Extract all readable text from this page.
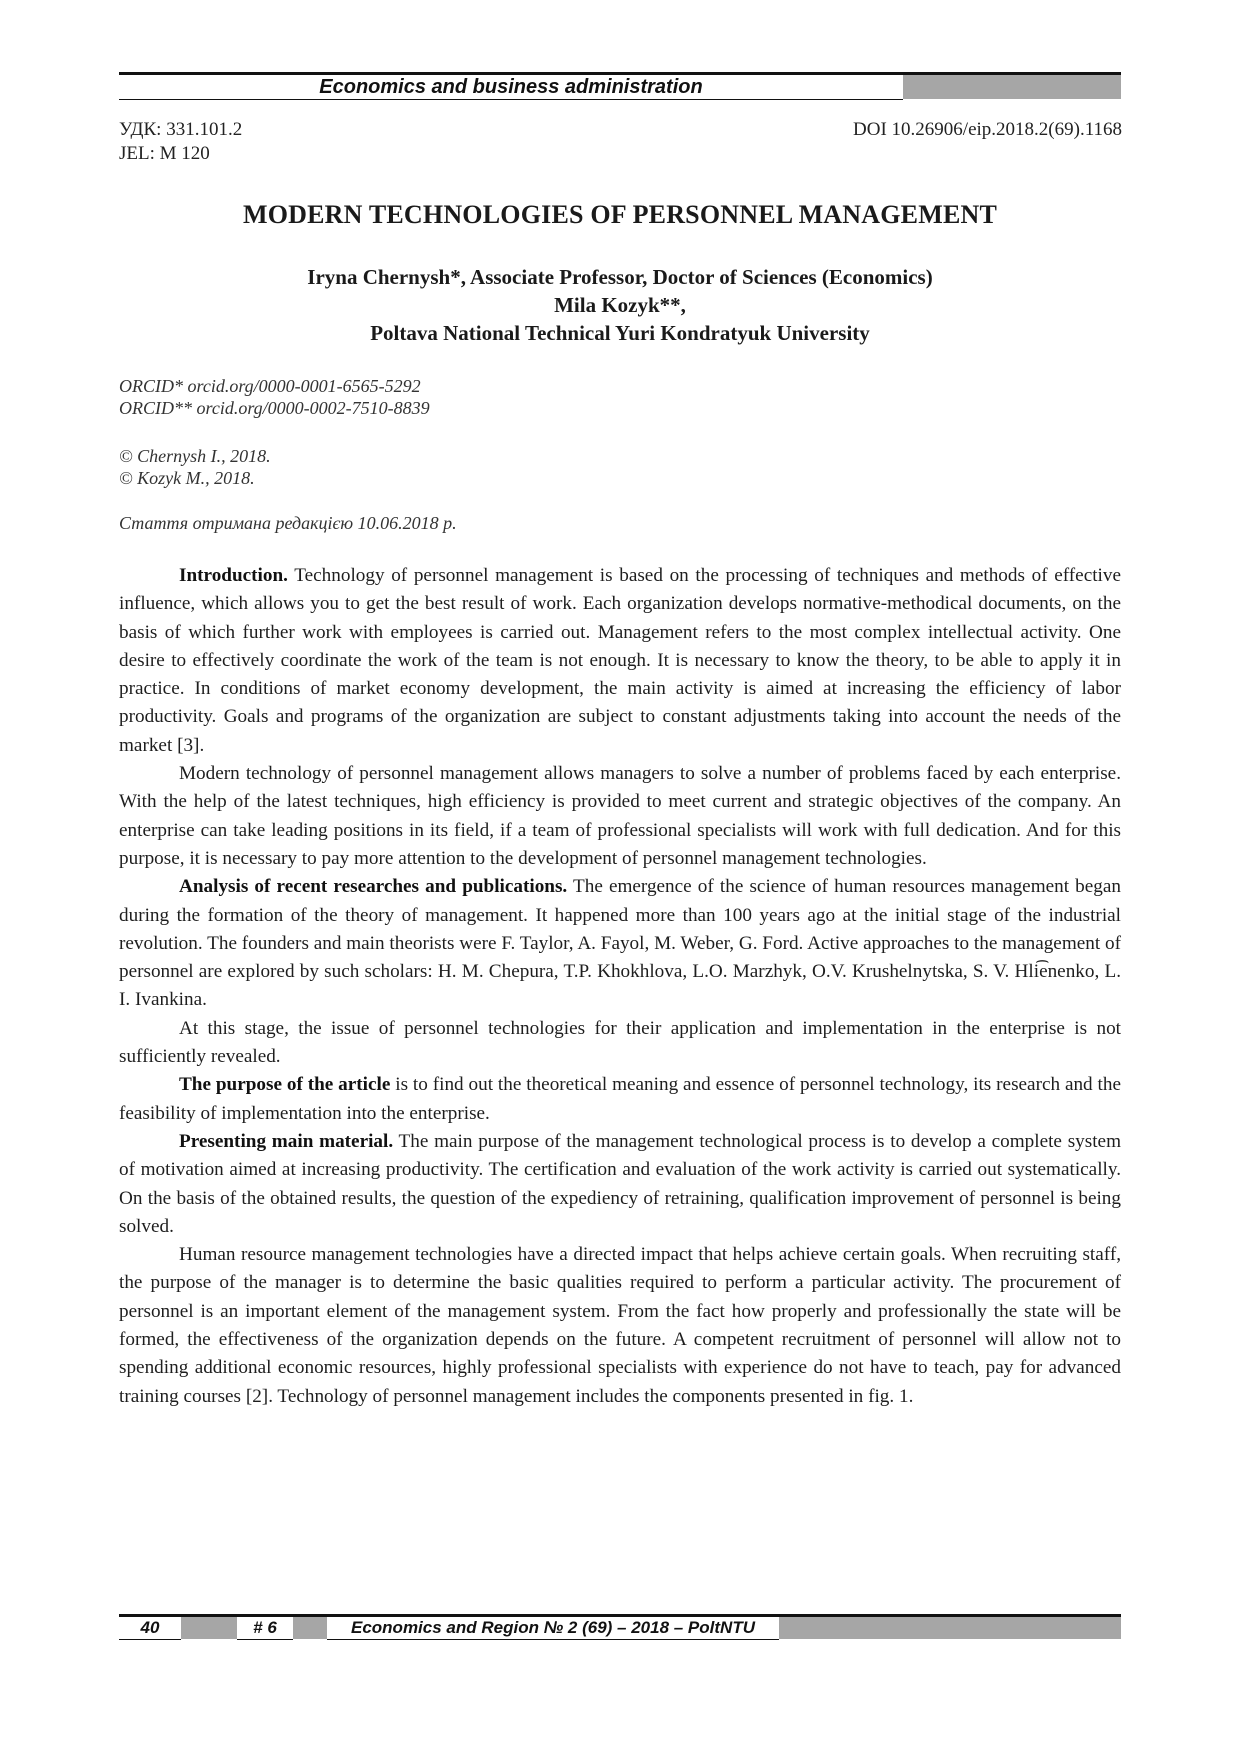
Economics and business administration
УДК: 331.101.2
JEL: M 120
DOI 10.26906/eip.2018.2(69).1168
MODERN TECHNOLOGIES OF PERSONNEL MANAGEMENT
Iryna Chernysh*, Associate Professor, Doctor of Sciences (Economics)
Mila Kozyk**,
Poltava National Technical Yuri Kondratyuk University
ORCID* orcid.org/0000-0001-6565-5292
ORCID** orcid.org/0000-0002-7510-8839
© Chernysh I., 2018.
© Kozyk M., 2018.
Стаття отримана редакцією 10.06.2018 р.

Introduction. Technology of personnel management is based on the processing of techniques and methods of effective influence, which allows you to get the best result of work. Each organization develops normative-methodical documents, on the basis of which further work with employees is carried out. Management refers to the most complex intellectual activity. One desire to effectively coordinate the work of the team is not enough. It is necessary to know the theory, to be able to apply it in practice. In conditions of market economy development, the main activity is aimed at increasing the efficiency of labor productivity. Goals and programs of the organization are subject to constant adjustments taking into account the needs of the market [3].

Modern technology of personnel management allows managers to solve a number of problems faced by each enterprise. With the help of the latest techniques, high efficiency is provided to meet current and strategic objectives of the company. An enterprise can take leading positions in its field, if a team of professional specialists will work with full dedication. And for this purpose, it is necessary to pay more attention to the development of personnel management technologies.

Analysis of recent researches and publications. The emergence of the science of human resources management began during the formation of the theory of management. It happened more than 100 years ago at the initial stage of the industrial revolution. The founders and main theorists were F. Taylor, A. Fayol, M. Weber, G. Ford. Active approaches to the management of personnel are explored by such scholars: H. M. Chepura, T.P. Khokhlova, L.O. Marzhyk, O.V. Krushelnytska, S. V. Hli͡enenko, L. I. Ivankina.

At this stage, the issue of personnel technologies for their application and implementation in the enterprise is not sufficiently revealed.

The purpose of the article is to find out the theoretical meaning and essence of personnel technology, its research and the feasibility of implementation into the enterprise.

Presenting main material. The main purpose of the management technological process is to develop a complete system of motivation aimed at increasing productivity. The certification and evaluation of the work activity is carried out systematically. On the basis of the obtained results, the question of the expediency of retraining, qualification improvement of personnel is being solved.

Human resource management technologies have a directed impact that helps achieve certain goals. When recruiting staff, the purpose of the manager is to determine the basic qualities required to perform a particular activity. The procurement of personnel is an important element of the management system. From the fact how properly and professionally the state will be formed, the effectiveness of the organization depends on the future. A competent recruitment of personnel will allow not to spending additional economic resources, highly professional specialists with experience do not have to teach, pay for advanced training courses [2]. Technology of personnel management includes the components presented in fig. 1.

40	# 6	Economics and Region № 2 (69) – 2018 – PoltNTU
